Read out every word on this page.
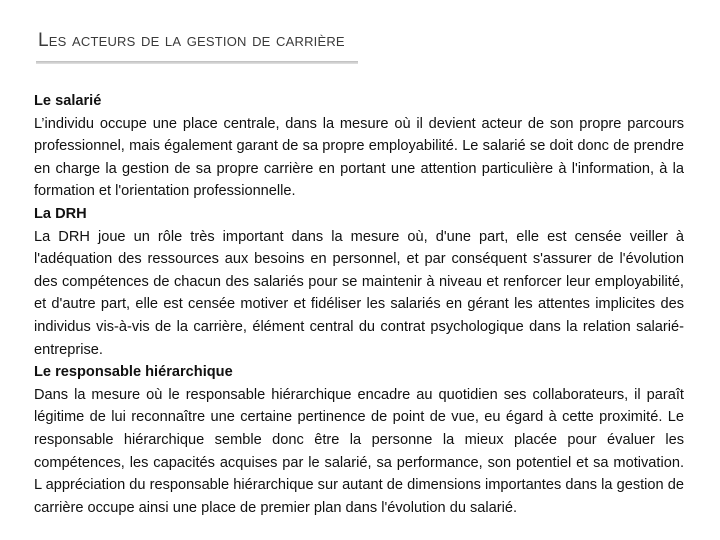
Les acteurs de la gestion de carrière

Le salarié

L’individu occupe une place centrale, dans la mesure où il devient acteur de son propre parcours professionnel, mais également garant de sa propre employabilité. Le salarié se doit donc de prendre en charge la gestion de sa propre carrière en portant une attention particulière à l'information, à la formation et l'orientation professionnelle.

La DRH

La DRH joue un rôle très important dans la mesure où, d'une part, elle est censée veiller à l'adéquation des ressources aux besoins en personnel, et par conséquent s'assurer de l'évolution des compétences de chacun des salariés pour se maintenir à niveau et renforcer leur employabilité, et d'autre part, elle est censée motiver et fidéliser les salariés en gérant les attentes implicites des individus vis-à-vis de la carrière, élément central du contrat psychologique dans la relation salarié-entreprise.

Le responsable hiérarchique

Dans la mesure où le responsable hiérarchique encadre au quotidien ses collaborateurs, il paraît légitime de lui reconnaître une certaine pertinence de point de vue, eu égard à cette proximité. Le responsable hiérarchique semble donc être la personne la mieux placée pour évaluer les compétences, les capacités acquises par le salarié, sa performance, son potentiel et sa motivation. L appréciation du responsable hiérarchique sur autant de dimensions importantes dans la gestion de carrière occupe ainsi une place de premier plan dans l'évolution du salarié.
